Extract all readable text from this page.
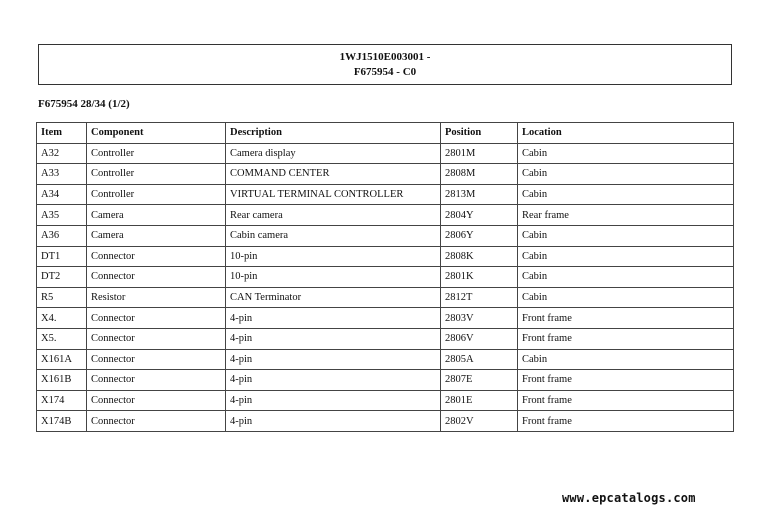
1WJ1510E003001 -
F675954 - C0
F675954 28/34 (1/2)
Item	Component	Description	Position	Location
A32	Controller	Camera display	2801M	Cabin
A33	Controller	COMMAND CENTER	2808M	Cabin
A34	Controller	VIRTUAL TERMINAL CONTROLLER	2813M	Cabin
A35	Camera	Rear camera	2804Y	Rear frame
A36	Camera	Cabin camera	2806Y	Cabin
DT1	Connector	10-pin	2808K	Cabin
DT2	Connector	10-pin	2801K	Cabin
R5	Resistor	CAN Terminator	2812T	Cabin
X4.	Connector	4-pin	2803V	Front frame
X5.	Connector	4-pin	2806V	Front frame
X161A	Connector	4-pin	2805A	Cabin
X161B	Connector	4-pin	2807E	Front frame
X174	Connector	4-pin	2801E	Front frame
X174B	Connector	4-pin	2802V	Front frame
www.epcatalogs.com
